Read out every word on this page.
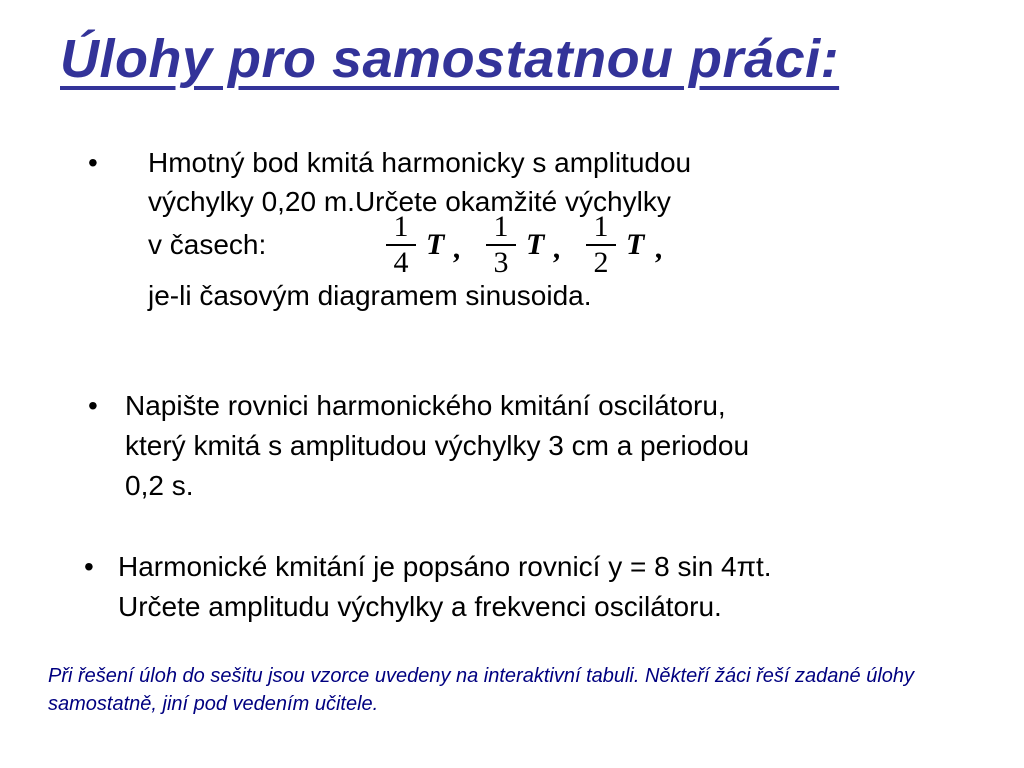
Úlohy pro samostatnou práci:
• Hmotný bod kmitá harmonicky s amplitudou
výchylky 0,20 m.Určete okamžité výchylky
v časech:
1
4
T ,
1
3
T ,
1
2
T ,
je-li časovým diagramem sinusoida.
• Napište rovnici harmonického kmitání oscilátoru,
který kmitá s amplitudou výchylky 3 cm a periodou
0,2 s.
• Harmonické kmitání je popsáno rovnicí y = 8 sin 4πt.
Určete amplitudu výchylky a frekvenci oscilátoru.
Při řešení úloh do sešitu jsou vzorce uvedeny na interaktivní tabuli. Někteří žáci řeší zadané úlohy samostatně, jiní pod vedením učitele.
